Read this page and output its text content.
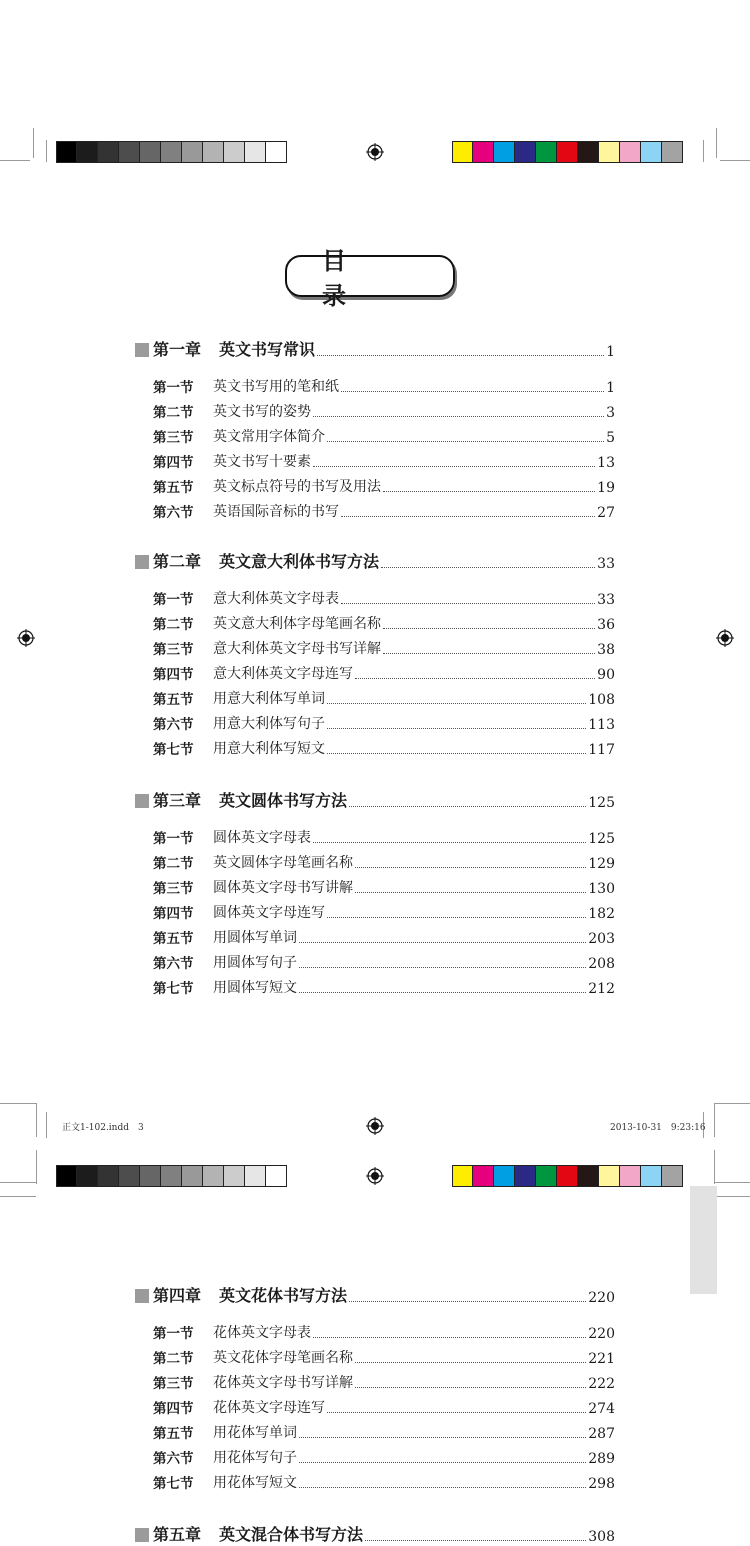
目　录
第一章 英文书写常识	1
第一节	英文书写用的笔和纸	1
第二节	英文书写的姿势	3
第三节	英文常用字体简介	5
第四节	英文书写十要素	13
第五节	英文标点符号的书写及用法	19
第六节	英语国际音标的书写	27
第二章 英文意大利体书写方法	33
第一节	意大利体英文字母表	33
第二节	英文意大利体字母笔画名称	36
第三节	意大利体英文字母书写详解	38
第四节	意大利体英文字母连写	90
第五节	用意大利体写单词	108
第六节	用意大利体写句子	113
第七节	用意大利体写短文	117
第三章 英文圆体书写方法	125
第一节	圆体英文字母表	125
第二节	英文圆体字母笔画名称	129
第三节	圆体英文字母书写讲解	130
第四节	圆体英文字母连写	182
第五节	用圆体写单词	203
第六节	用圆体写句子	208
第七节	用圆体写短文	212
第四章 英文花体书写方法	220
第一节	花体英文字母表	220
第二节	英文花体字母笔画名称	221
第三节	花体英文字母书写详解	222
第四节	花体英文字母连写	274
第五节	用花体写单词	287
第六节	用花体写句子	289
第七节	用花体写短文	298
第五章 英文混合体书写方法	308
正文1-102.indd　3	2013-10-31　9:23:16
